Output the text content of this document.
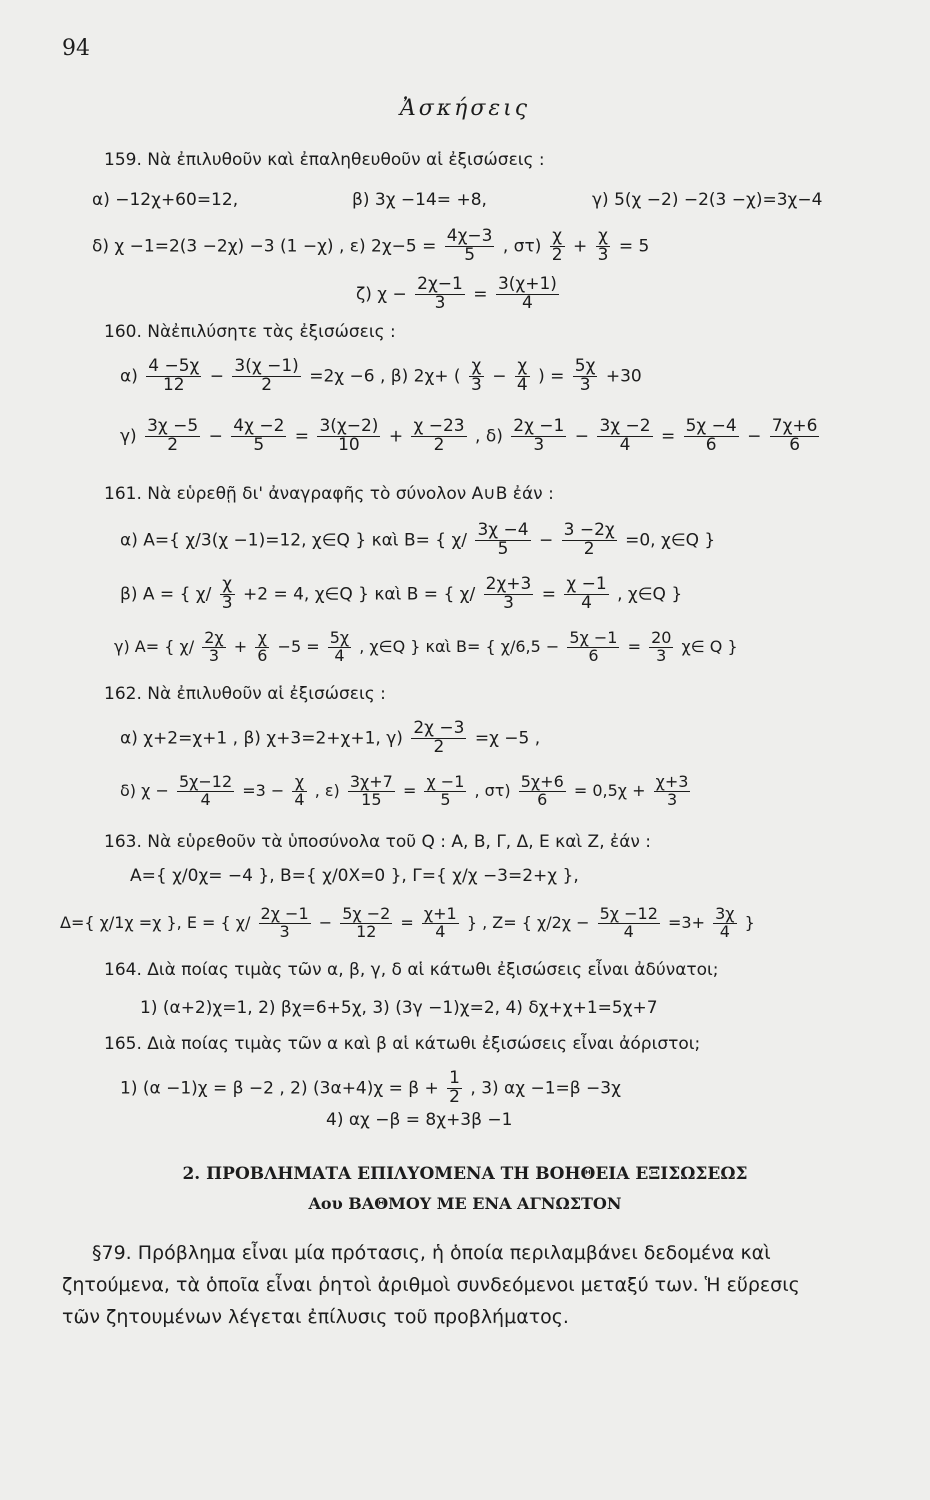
94
Ἀσκήσεις
159. Νὰ ἐπιλυθοῦν καὶ ἐπαληθευθοῦν αἱ ἐξισώσεις :
α) −12χ+60=12,	β) 3χ −14= +8,	γ) 5(χ −2) −2(3 −χ)=3χ−4
δ) χ −1=2(3 −2χ) −3 (1 −χ) , ε) $2\chi-5 = \frac{4\chi-3}{5}$ , $\sigma\tau) \frac{\chi}{2} + \frac{\chi}{3} = 5$
ζ) $\chi - \frac{2\chi-1}{3} = \frac{3(\chi+1)}{4}$
160. Νὰἐπιλύσητε τὰς ἐξισώσεις :
$\alpha) \frac{4 -5\chi}{12} - \frac{3(\chi -1)}{2} =2\chi -6$ , β) 2χ+ ( $\frac{\chi}{3} - \frac{\chi}{4}$ ) = $\frac{5\chi}{3} +30$
$\gamma) \frac{3\chi -5}{2} - \frac{4\chi -2}{5} = \frac{3(\chi-2)}{10} + \frac{\chi -23}{2}$ , $\delta) \frac{2\chi -1}{3} - \frac{3\chi -2}{4} = \frac{5\chi -4}{6} - \frac{7\chi+6}{6}$
161. Νὰ εὑρεθῇ δι' ἀναγραφῆς τὸ σύνολον A∪B ἐάν :
α) A={ χ/3(χ −1)=12, χ∈Q } καὶ B= { $\chi/ \frac{3\chi -4}{5} - \frac{3 -2\chi}{2} =0$, χ∈Q }
β) A = { $\chi/ \frac{\chi}{3} +2 = 4$, χ∈Q } καὶ B = { $\chi/ \frac{2\chi+3}{3} = \frac{\chi -1}{4}$ , χ∈Q }
γ) A= { $\chi/ \frac{2\chi}{3} + \frac{\chi}{6} -5 = \frac{5\chi}{4}$ , χ∈Q } καὶ B= { $\chi/6,5 - \frac{5\chi -1}{6} = \frac{20}{3}$ χ∈ Q }
162. Νὰ ἐπιλυθοῦν αἱ ἐξισώσεις :
α) χ+2=χ+1 , β) χ+3=2+χ+1, $\gamma) \frac{2\chi -3}{2} =\chi -5$ ,
δ) $\chi - \frac{5\chi-12}{4} =3 - \frac{\chi}{4}$ , $\varepsilon) \frac{3\chi+7}{15} = \frac{\chi -1}{5}$ , $\sigma\tau) \frac{5\chi+6}{6} = 0,5\chi + \frac{\chi+3}{3}$
163. Νὰ εὑρεθοῦν τὰ ὑποσύνολα τοῦ Q : A, B, Γ, Δ, E καὶ Z, ἐάν :
A={ χ/0χ= −4 }, B={ χ/0X=0 }, Γ={ χ/χ −3=2+χ },
Δ={ χ/1χ =χ }, E = { $\chi/ \frac{2\chi -1}{3} - \frac{5\chi -2}{12} = \frac{\chi+1}{4}$ } , Z= { $\chi/2\chi - \frac{5\chi -12}{4} =3+ \frac{3\chi}{4}$ }
164. Διὰ ποίας τιμὰς τῶν α, β, γ, δ αἱ κάτωθι ἐξισώσεις εἶναι ἀδύνατοι;
1) (α+2)χ=1, 2) βχ=6+5χ, 3) (3γ −1)χ=2, 4) δχ+χ+1=5χ+7
165. Διὰ ποίας τιμὰς τῶν α καὶ β αἱ κάτωθι ἐξισώσεις εἶναι ἀόριστοι;
1) (α −1)χ = β −2 , 2) $(3\alpha+4)\chi = \beta + \frac{1}{2}$ , 3) αχ −1=β −3χ
4) αχ −β = 8χ+3β −1
2. ΠΡΟΒΛΗΜΑΤΑ ΕΠΙΛΥΟΜΕΝΑ ΤΗ ΒΟΗΘΕΙΑ ΕΞΙΣΩΣΕΩΣ
Aου ΒΑΘΜΟΥ ΜΕ ΕΝΑ ΑΓΝΩΣΤΟΝ
§79. Πρόβλημα εἶναι μία πρότασις, ἡ ὁποία περιλαμβάνει δεδομένα καὶ
ζητούμενα, τὰ ὁποῖα εἶναι ῥητοὶ ἀριθμοὶ συνδεόμενοι μεταξύ των. Ἡ εὕρεσις
τῶν ζητουμένων λέγεται ἐπίλυσις τοῦ προβλήματος.
